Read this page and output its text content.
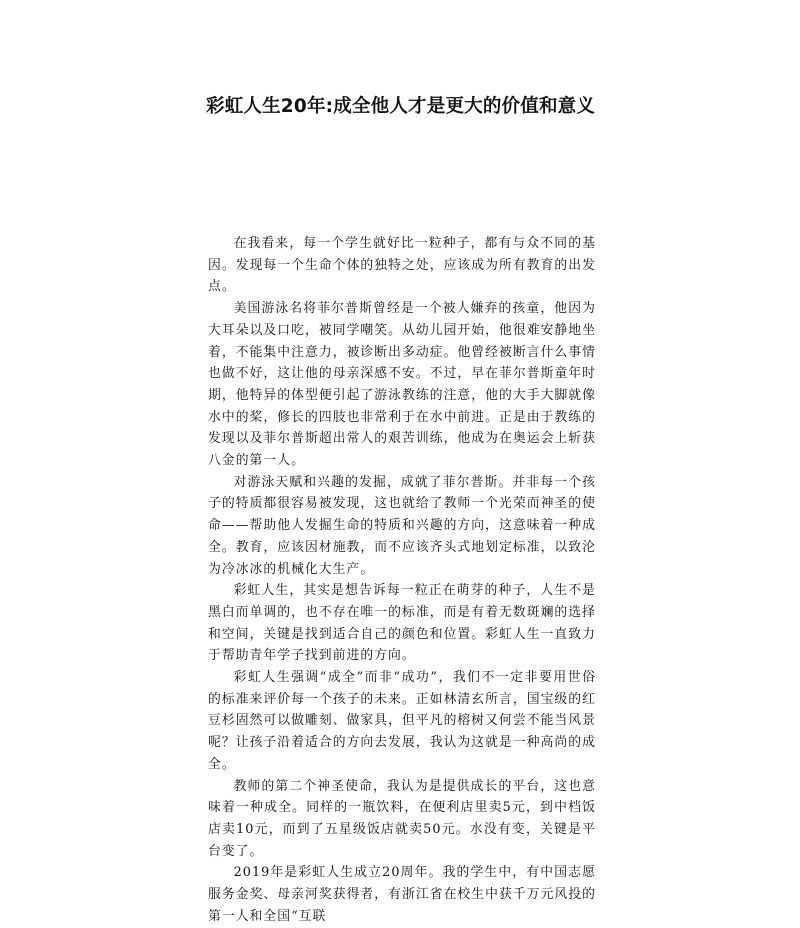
彩虹人生20年:成全他人才是更大的价值和意义

在我看来，每一个学生就好比一粒种子，都有与众不同的基因。发现每一个生命个体的独特之处，应该成为所有教育的出发点。

美国游泳名将菲尔普斯曾经是一个被人嫌弃的孩童，他因为大耳朵以及口吃，被同学嘲笑。从幼儿园开始，他很难安静地坐着，不能集中注意力，被诊断出多动症。他曾经被断言什么事情也做不好，这让他的母亲深感不安。不过，早在菲尔普斯童年时期，他特异的体型便引起了游泳教练的注意，他的大手大脚就像水中的桨，修长的四肢也非常利于在水中前进。正是由于教练的发现以及菲尔普斯超出常人的艰苦训练，他成为在奥运会上斩获八金的第一人。

对游泳天赋和兴趣的发掘，成就了菲尔普斯。并非每一个孩子的特质都很容易被发现，这也就给了教师一个光荣而神圣的使命——帮助他人发掘生命的特质和兴趣的方向，这意味着一种成全。教育，应该因材施教，而不应该齐头式地划定标准，以致沦为冷冰冰的机械化大生产。

彩虹人生，其实是想告诉每一粒正在萌芽的种子，人生不是黑白而单调的，也不存在唯一的标准，而是有着无数斑斓的选择和空间，关键是找到适合自己的颜色和位置。彩虹人生一直致力于帮助青年学子找到前进的方向。

彩虹人生强调“成全”而非“成功”，我们不一定非要用世俗的标准来评价每一个孩子的未来。正如林清玄所言，国宝级的红豆杉固然可以做雕刻、做家具，但平凡的榕树又何尝不能当风景呢？让孩子沿着适合的方向去发展，我认为这就是一种高尚的成全。

教师的第二个神圣使命，我认为是提供成长的平台，这也意味着一种成全。同样的一瓶饮料，在便利店里卖5元，到中档饭店卖10元，而到了五星级饭店就卖50元。水没有变，关键是平台变了。

2019年是彩虹人生成立20周年。我的学生中，有中国志愿服务金奖、母亲河奖获得者，有浙江省在校生中获千万元风投的第一人和全国“互联
